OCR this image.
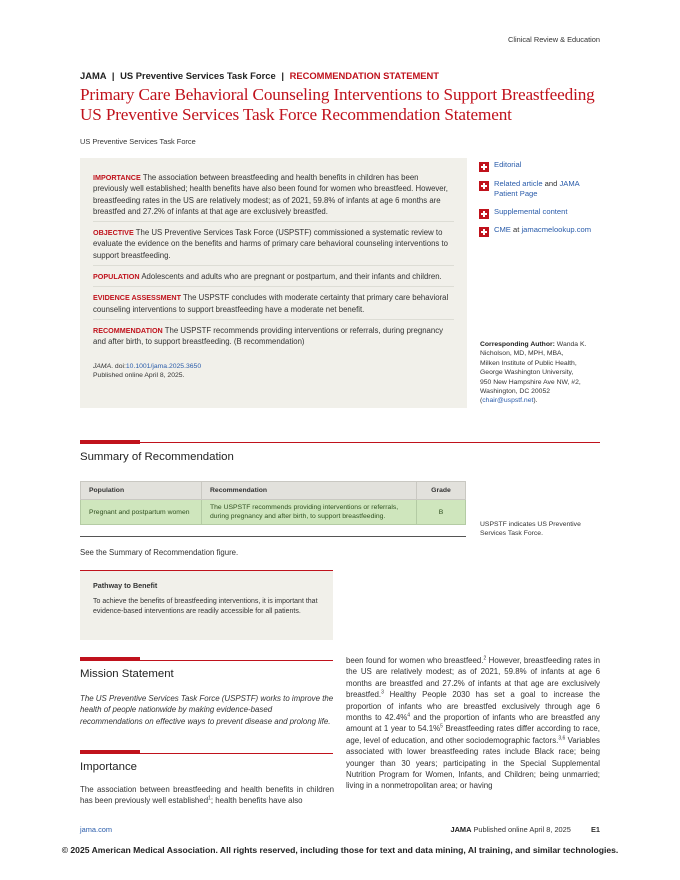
Clinical Review & Education
JAMA | US Preventive Services Task Force | RECOMMENDATION STATEMENT
Primary Care Behavioral Counseling Interventions to Support Breastfeeding
US Preventive Services Task Force Recommendation Statement
US Preventive Services Task Force

IMPORTANCE The association between breastfeeding and health benefits in children has been previously well established; health benefits have also been found for women who breastfeed. However, breastfeeding rates in the US are relatively modest; as of 2021, 59.8% of infants at age 6 months are breastfed and 27.2% of infants at that age are exclusively breastfed.

OBJECTIVE The US Preventive Services Task Force (USPSTF) commissioned a systematic review to evaluate the evidence on the benefits and harms of primary care behavioral counseling interventions to support breastfeeding.

POPULATION Adolescents and adults who are pregnant or postpartum, and their infants and children.

EVIDENCE ASSESSMENT The USPSTF concludes with moderate certainty that primary care behavioral counseling interventions to support breastfeeding have a moderate net benefit.

RECOMMENDATION The USPSTF recommends providing interventions or referrals, during pregnancy and after birth, to support breastfeeding. (B recommendation)

JAMA. doi:10.1001/jama.2025.3650
Published online April 8, 2025.
Editorial
Related article and JAMA
Patient Page
Supplemental content
CME at jamacmelookup.com
Corresponding Author: Wanda K.
Nicholson, MD, MPH, MBA,
Milken Institute of Public Health,
George Washington University,
950 New Hampshire Ave NW, #2,
Washington, DC 20052
(chair@uspstf.net).
Summary of Recommendation
Population	Recommendation	Grade
Pregnant and postpartum women	The USPSTF recommends providing interventions or referrals, during pregnancy and after birth, to support breastfeeding.	B
USPSTF indicates US Preventive Services Task Force.
See the Summary of Recommendation figure.
Pathway to Benefit
To achieve the benefits of breastfeeding interventions, it is important that evidence-based interventions are readily accessible for all patients.
Mission Statement
The US Preventive Services Task Force (USPSTF) works to improve the health of people nationwide by making evidence-based recommendations on effective ways to prevent disease and prolong life.
Importance
The association between breastfeeding and health benefits in children has been previously well established$^1$; health benefits have also
been found for women who breastfeed.$^2$ However, breastfeeding rates in the US are relatively modest; as of 2021, 59.8% of infants at age 6 months are breastfed and 27.2% of infants at that age are exclusively breastfed.$^3$ Healthy People 2030 has set a goal to increase the proportion of infants who are breastfed exclusively through age 6 months to 42.4%$^4$ and the proportion of infants who are breastfed any amount at 1 year to 54.1%$^5$ Breastfeeding rates differ according to race, age, level of education, and other sociodemographic factors.$^{3,6}$ Variables associated with lower breastfeeding rates include Black race; being younger than 30 years; participating in the Special Supplemental Nutrition Program for Women, Infants, and Children; being unmarried; living in a nonmetropolitan area; or having
jama.com	JAMA Published online April 8, 2025	E1
© 2025 American Medical Association. All rights reserved, including those for text and data mining, AI training, and similar technologies.
